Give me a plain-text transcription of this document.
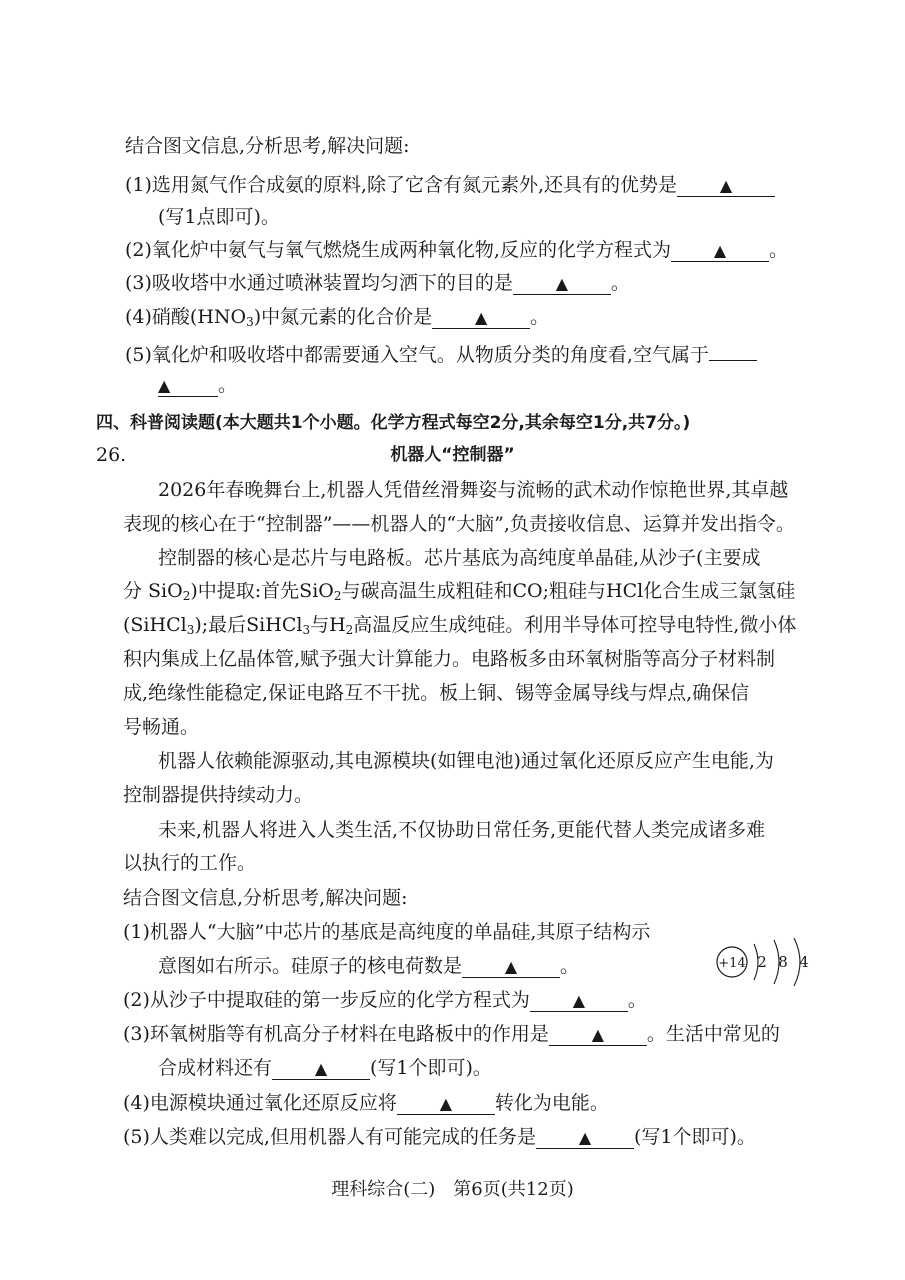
结合图文信息,分析思考,解决问题:
(1)选用氮气作合成氨的原料,除了它含有氮元素外,还具有的优势是	▲
(写1点即可)。
(2)氧化炉中氨气与氧气燃烧生成两种氧化物,反应的化学方程式为	▲ 。
(3)吸收塔中水通过喷淋装置均匀洒下的目的是	▲ 。
(4)硝酸$(HNO_3)$中氮元素的化合价是	▲ 。
(5)氧化炉和吸收塔中都需要通入空气。从物质分类的角度看,空气属于
▲	。
四、科普阅读题(本大题共1个小题。化学方程式每空2分,其余每空1分,共7分。)
26.	机器人“控制器”
2026年春晚舞台上,机器人凭借丝滑舞姿与流畅的武术动作惊艳世界,其卓越
表现的核心在于“控制器”——机器人的“大脑”,负责接收信息、运算并发出指令。
控制器的核心是芯片与电路板。芯片基底为高纯度单晶硅,从沙子(主要成
分 SiO$_2$)中提取:首先SiO$_2$与碳高温生成粗硅和CO;粗硅与HCl化合生成三氯氢硅
(SiHCl$_3$);最后SiHCl$_3$与$H_2$高温反应生成纯硅。利用半导体可控导电特性,微小体
积内集成上亿晶体管,赋予强大计算能力。电路板多由环氧树脂等高分子材料制
成,绝缘性能稳定,保证电路互不干扰。板上铜、锡等金属导线与焊点,确保信
号畅通。
机器人依赖能源驱动,其电源模块(如锂电池)通过氧化还原反应产生电能,为
控制器提供持续动力。
未来,机器人将进入人类生活,不仅协助日常任务,更能代替人类完成诸多难
以执行的工作。
结合图文信息,分析思考,解决问题:
(1)机器人“大脑”中芯片的基底是高纯度的单晶硅,其原子结构示
意图如右所示。硅原子的核电荷数是	▲ 。	+14 2 8 4
(2)从沙子中提取硅的第一步反应的化学方程式为	▲ 。
(3)环氧树脂等有机高分子材料在电路板中的作用是	▲ 。生活中常见的
合成材料还有	▲ (写1个即可)。
(4)电源模块通过氧化还原反应将	▲ 转化为电能。
(5)人类难以完成,但用机器人有可能完成的任务是	▲ (写1个即可)。
理科综合(二)　第6页(共12页)
